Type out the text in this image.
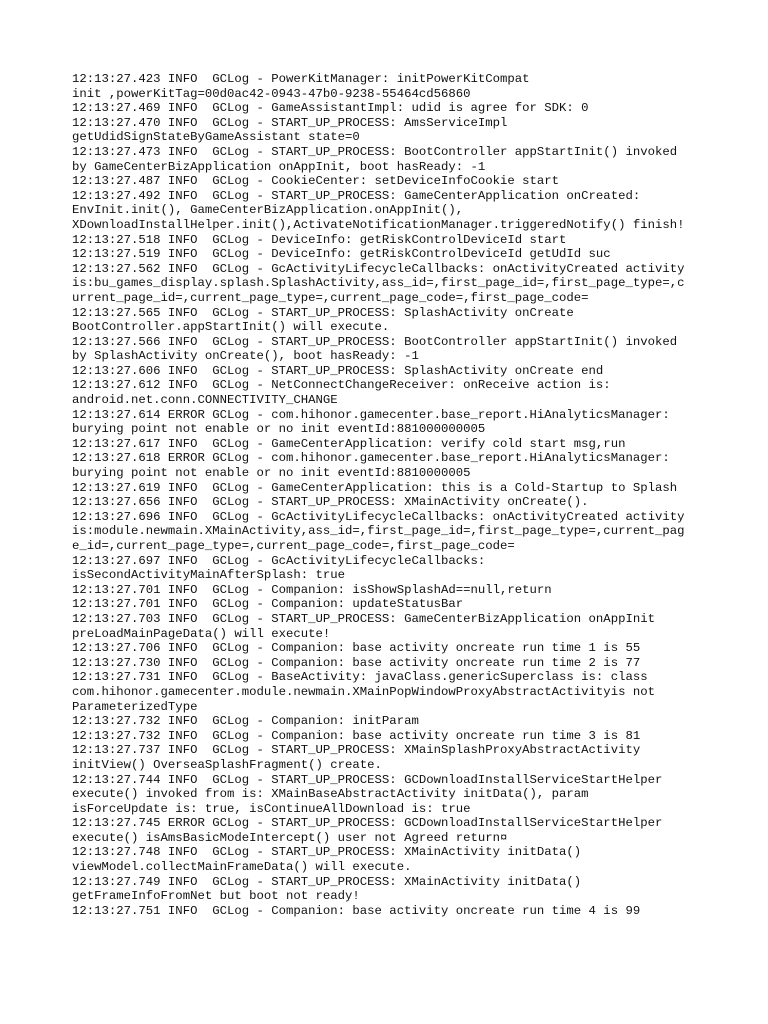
12:13:27.423 INFO  GCLog - PowerKitManager: initPowerKitCompat

init ,powerKitTag=00d0ac42-0943-47b0-9238-55464cd56860

12:13:27.469 INFO  GCLog - GameAssistantImpl: udid is agree for SDK: 0

12:13:27.470 INFO  GCLog - START_UP_PROCESS: AmsServiceImpl

getUdidSignStateByGameAssistant state=0

12:13:27.473 INFO  GCLog - START_UP_PROCESS: BootController appStartInit() invoked

by GameCenterBizApplication onAppInit, boot hasReady: -1

12:13:27.487 INFO  GCLog - CookieCenter: setDeviceInfoCookie start

12:13:27.492 INFO  GCLog - START_UP_PROCESS: GameCenterApplication onCreated:

EnvInit.init(), GameCenterBizApplication.onAppInit(),

XDownloadInstallHelper.init(),ActivateNotificationManager.triggeredNotify() finish!

12:13:27.518 INFO  GCLog - DeviceInfo: getRiskControlDeviceId start

12:13:27.519 INFO  GCLog - DeviceInfo: getRiskControlDeviceId getUdId suc

12:13:27.562 INFO  GCLog - GcActivityLifecycleCallbacks: onActivityCreated activity

is:bu_games_display.splash.SplashActivity,ass_id=,first_page_id=,first_page_type=,c

urrent_page_id=,current_page_type=,current_page_code=,first_page_code=

12:13:27.565 INFO  GCLog - START_UP_PROCESS: SplashActivity onCreate

BootController.appStartInit() will execute.

12:13:27.566 INFO  GCLog - START_UP_PROCESS: BootController appStartInit() invoked

by SplashActivity onCreate(), boot hasReady: -1

12:13:27.606 INFO  GCLog - START_UP_PROCESS: SplashActivity onCreate end

12:13:27.612 INFO  GCLog - NetConnectChangeReceiver: onReceive action is:

android.net.conn.CONNECTIVITY_CHANGE

12:13:27.614 ERROR GCLog - com.hihonor.gamecenter.base_report.HiAnalyticsManager:

burying point not enable or no init eventId:881000000005

12:13:27.617 INFO  GCLog - GameCenterApplication: verify cold start msg,run

12:13:27.618 ERROR GCLog - com.hihonor.gamecenter.base_report.HiAnalyticsManager:

burying point not enable or no init eventId:8810000005

12:13:27.619 INFO  GCLog - GameCenterApplication: this is a Cold-Startup to Splash

12:13:27.656 INFO  GCLog - START_UP_PROCESS: XMainActivity onCreate().

12:13:27.696 INFO  GCLog - GcActivityLifecycleCallbacks: onActivityCreated activity

is:module.newmain.XMainActivity,ass_id=,first_page_id=,first_page_type=,current_pag

e_id=,current_page_type=,current_page_code=,first_page_code=

12:13:27.697 INFO  GCLog - GcActivityLifecycleCallbacks:

isSecondActivityMainAfterSplash: true

12:13:27.701 INFO  GCLog - Companion: isShowSplashAd==null,return

12:13:27.701 INFO  GCLog - Companion: updateStatusBar

12:13:27.703 INFO  GCLog - START_UP_PROCESS: GameCenterBizApplication onAppInit

preLoadMainPageData() will execute!

12:13:27.706 INFO  GCLog - Companion: base activity oncreate run time 1 is 55

12:13:27.730 INFO  GCLog - Companion: base activity oncreate run time 2 is 77

12:13:27.731 INFO  GCLog - BaseActivity: javaClass.genericSuperclass is: class

com.hihonor.gamecenter.module.newmain.XMainPopWindowProxyAbstractActivityis not

ParameterizedType

12:13:27.732 INFO  GCLog - Companion: initParam

12:13:27.732 INFO  GCLog - Companion: base activity oncreate run time 3 is 81

12:13:27.737 INFO  GCLog - START_UP_PROCESS: XMainSplashProxyAbstractActivity

initView() OverseaSplashFragment() create.

12:13:27.744 INFO  GCLog - START_UP_PROCESS: GCDownloadInstallServiceStartHelper

execute() invoked from is: XMainBaseAbstractActivity initData(), param

isForceUpdate is: true, isContinueAllDownload is: true

12:13:27.745 ERROR GCLog - START_UP_PROCESS: GCDownloadInstallServiceStartHelper

execute() isAmsBasicModeIntercept() user not Agreed return¤

12:13:27.748 INFO  GCLog - START_UP_PROCESS: XMainActivity initData()

viewModel.collectMainFrameData() will execute.

12:13:27.749 INFO  GCLog - START_UP_PROCESS: XMainActivity initData()

getFrameInfoFromNet but boot not ready!

12:13:27.751 INFO  GCLog - Companion: base activity oncreate run time 4 is 99
